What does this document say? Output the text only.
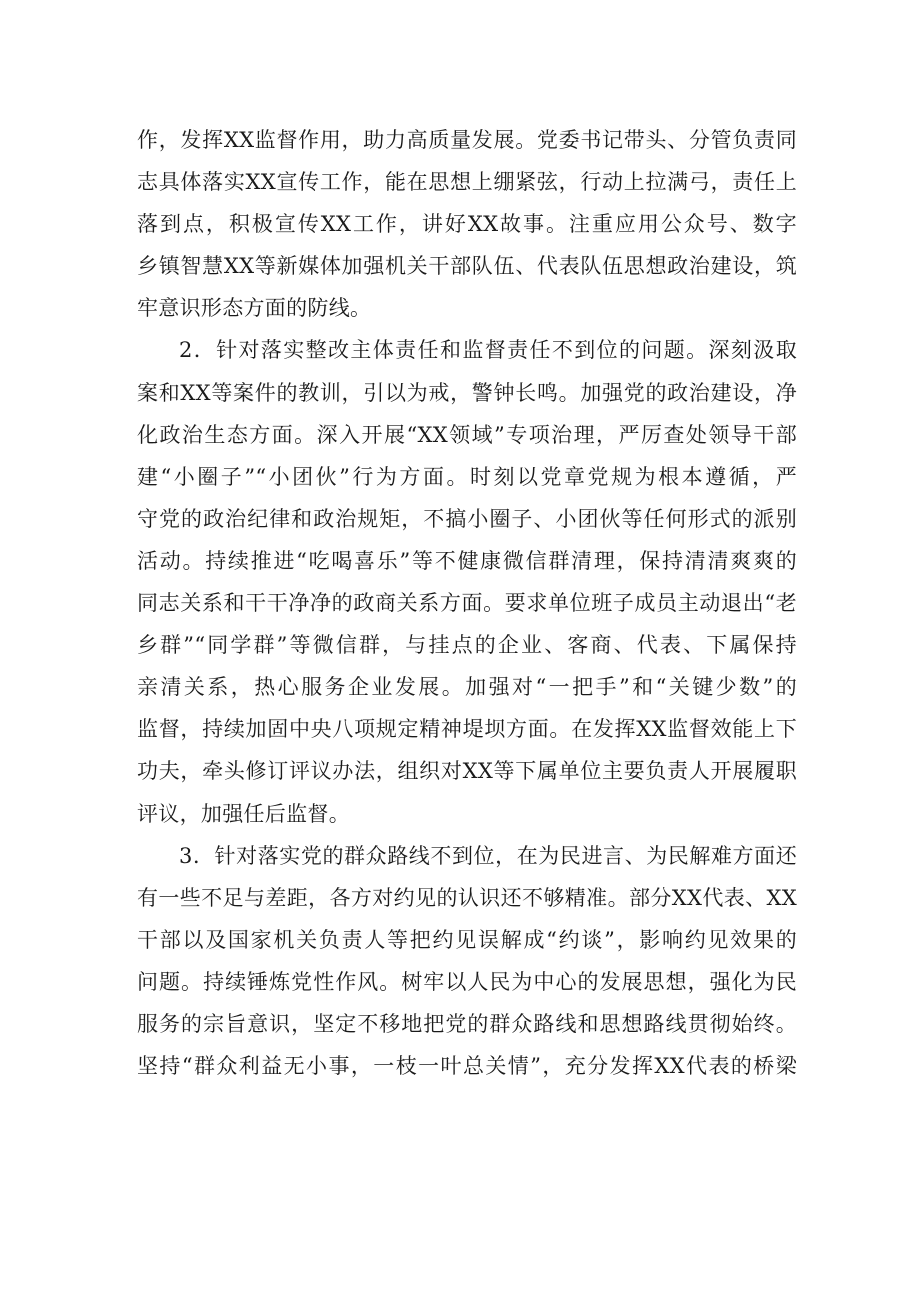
作，发挥XX监督作用，助力高质量发展。党委书记带头、分管负责同
志具体落实XX宣传工作，能在思想上绷紧弦，行动上拉满弓，责任上
落到点，积极宣传XX工作，讲好XX故事。注重应用公众号、数字
乡镇智慧XX等新媒体加强机关干部队伍、代表队伍思想政治建设，筑
牢意识形态方面的防线。
2．针对落实整改主体责任和监督责任不到位的问题。深刻汲取
案和XX等案件的教训，引以为戒，警钟长鸣。加强党的政治建设，净
化政治生态方面。深入开展“XX领域”专项治理，严厉查处领导干部
建“小圈子”“小团伙”行为方面。时刻以党章党规为根本遵循，严
守党的政治纪律和政治规矩，不搞小圈子、小团伙等任何形式的派别
活动。持续推进“吃喝喜乐”等不健康微信群清理，保持清清爽爽的
同志关系和干干净净的政商关系方面。要求单位班子成员主动退出“老
乡群”“同学群”等微信群，与挂点的企业、客商、代表、下属保持
亲清关系，热心服务企业发展。加强对“一把手”和“关键少数”的
监督，持续加固中央八项规定精神堤坝方面。在发挥XX监督效能上下
功夫，牵头修订评议办法，组织对XX等下属单位主要负责人开展履职
评议，加强任后监督。
3．针对落实党的群众路线不到位，在为民进言、为民解难方面还
有一些不足与差距，各方对约见的认识还不够精准。部分XX代表、XX
干部以及国家机关负责人等把约见误解成“约谈”，影响约见效果的
问题。持续锤炼党性作风。树牢以人民为中心的发展思想，强化为民
服务的宗旨意识，坚定不移地把党的群众路线和思想路线贯彻始终。
坚持“群众利益无小事，一枝一叶总关情”，充分发挥XX代表的桥梁
